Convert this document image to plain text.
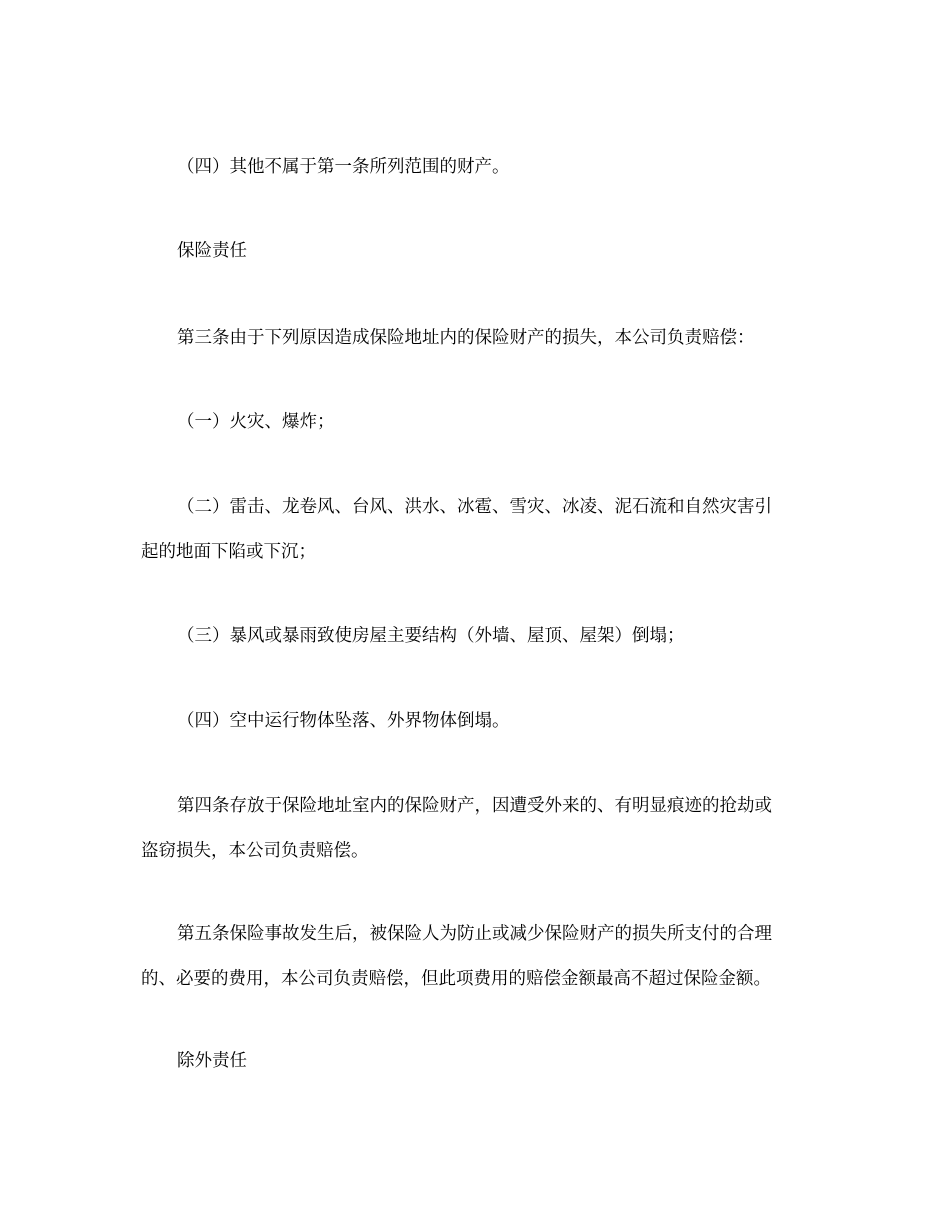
（四）其他不属于第一条所列范围的财产。
保险责任
第三条由于下列原因造成保险地址内的保险财产的损失，本公司负责赔偿：
（一）火灾、爆炸；
（二）雷击、龙卷风、台风、洪水、冰雹、雪灾、冰凌、泥石流和自然灾害引
起的地面下陷或下沉；
（三）暴风或暴雨致使房屋主要结构（外墙、屋顶、屋架）倒塌；
（四）空中运行物体坠落、外界物体倒塌。
第四条存放于保险地址室内的保险财产，因遭受外来的、有明显痕迹的抢劫或
盗窃损失，本公司负责赔偿。
第五条保险事故发生后，被保险人为防止或减少保险财产的损失所支付的合理
的、必要的费用，本公司负责赔偿，但此项费用的赔偿金额最高不超过保险金额。
除外责任
